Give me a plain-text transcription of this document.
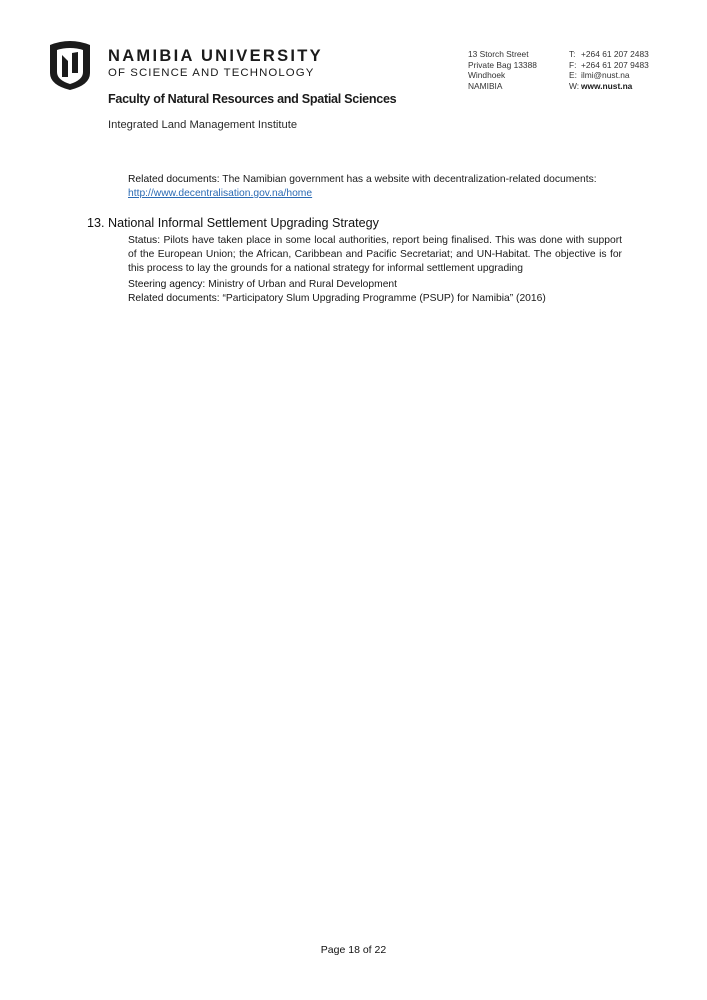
NAMIBIA UNIVERSITY
OF SCIENCE AND TECHNOLOGY
Faculty of Natural Resources and Spatial Sciences
Integrated Land Management Institute
13 Storch Street
Private Bag 13388
Windhoek
NAMIBIA
T: +264 61 207 2483
F: +264 61 207 9483
E: ilmi@nust.na
W: www.nust.na
Related documents: The Namibian government has a website with decentralization-related documents:
http://www.decentralisation.gov.na/home
13. National Informal Settlement Upgrading Strategy
Status: Pilots have taken place in some local authorities, report being finalised. This was done with support of the European Union; the African, Caribbean and Pacific Secretariat; and UN-Habitat. The objective is for this process to lay the grounds for a national strategy for informal settlement upgrading
Steering agency: Ministry of Urban and Rural Development
Related documents: “Participatory Slum Upgrading Programme (PSUP) for Namibia” (2016)
Page 18 of 22
